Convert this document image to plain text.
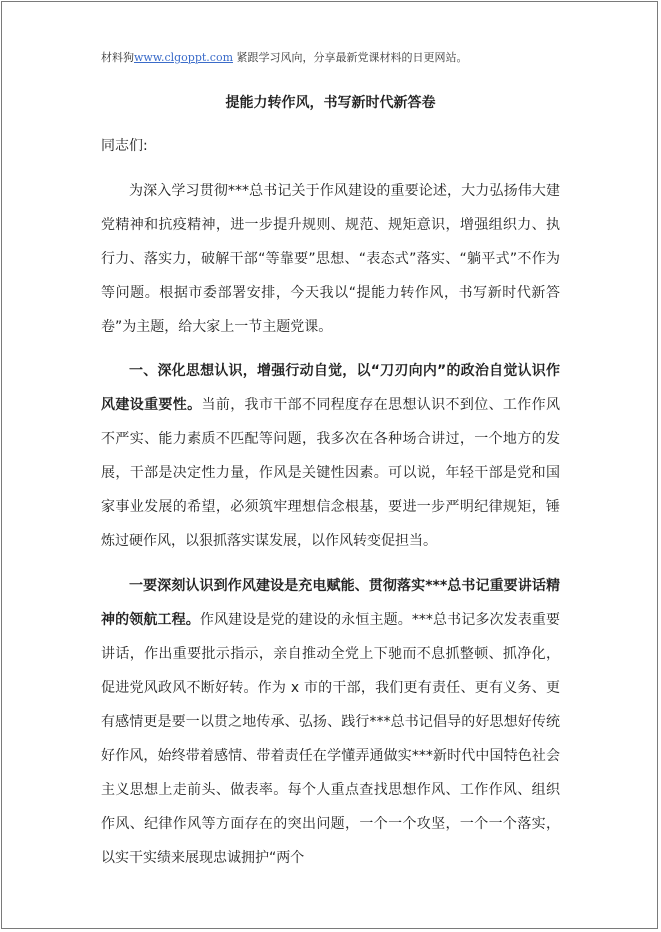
材料狗www.clgoppt.com 紧跟学习风向，分享最新党课材料的日更网站。
提能力转作风，书写新时代新答卷
同志们:
为深入学习贯彻***总书记关于作风建设的重要论述，大力弘扬伟大建党精神和抗疫精神，进一步提升规则、规范、规矩意识，增强组织力、执行力、落实力，破解干部“等靠要”思想、“表态式”落实、“躺平式”不作为等问题。根据市委部署安排，今天我以“提能力转作风，书写新时代新答卷”为主题，给大家上一节主题党课。
一、深化思想认识，增强行动自觉，以“刀刃向内”的政治自觉认识作风建设重要性。当前，我市干部不同程度存在思想认识不到位、工作作风不严实、能力素质不匹配等问题，我多次在各种场合讲过，一个地方的发展，干部是决定性力量，作风是关键性因素。可以说，年轻干部是党和国家事业发展的希望，必须筑牢理想信念根基，要进一步严明纪律规矩，锤炼过硬作风，以狠抓落实谋发展，以作风转变促担当。
一要深刻认识到作风建设是充电赋能、贯彻落实***总书记重要讲话精神的领航工程。作风建设是党的建设的永恒主题。***总书记多次发表重要讲话，作出重要批示指示，亲自推动全党上下驰而不息抓整顿、抓净化，促进党风政风不断好转。作为 x 市的干部，我们更有责任、更有义务、更有感情更是要一以贯之地传承、弘扬、践行***总书记倡导的好思想好传统好作风，始终带着感情、带着责任在学懂弄通做实***新时代中国特色社会主义思想上走前头、做表率。每个人重点查找思想作风、工作作风、组织作风、纪律作风等方面存在的突出问题，一个一个攻坚，一个一个落实，以实干实绩来展现忠诚拥护“两个
